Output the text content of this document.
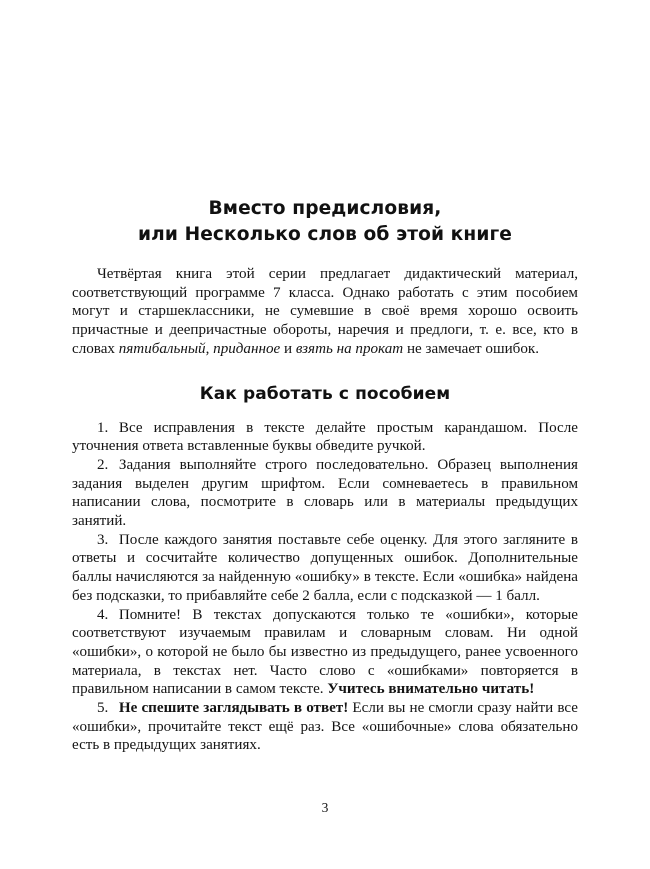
Вместо предисловия,
или Несколько слов об этой книге

Четвёртая книга этой серии предлагает дидактический материал, соответствующий программе 7 класса. Однако работать с этим пособием могут и старшеклассники, не сумевшие в своё время хорошо освоить причастные и деепричастные обороты, наречия и предлоги, т. е. все, кто в словах пятибальный, приданное и взять на прокат не замечает ошибок.

Как работать с пособием

1.  Все исправления в тексте делайте простым карандашом. После уточнения ответа вставленные буквы обведите ручкой.

2.  Задания выполняйте строго последовательно. Образец выполнения задания выделен другим шрифтом. Если сомневаетесь в правильном написании слова, посмотрите в словарь или в материалы предыдущих занятий.

3.  После каждого занятия поставьте себе оценку. Для этого загляните в ответы и сосчитайте количество допущенных ошибок. Дополнительные баллы начисляются за найденную «ошибку» в тексте. Если «ошибка» найдена без подсказки, то прибавляйте себе 2 балла, если с подсказкой — 1 балл.

4.  Помните! В текстах допускаются только те «ошибки», которые соответствуют изучаемым правилам и словарным словам. Ни одной «ошибки», о которой не было бы известно из предыдущего, ранее усвоенного материала, в текстах нет. Часто слово с «ошибками» повторяется в правильном написании в самом тексте. Учитесь внимательно читать!

5.  Не спешите заглядывать в ответ! Если вы не смогли сразу найти все «ошибки», прочитайте текст ещё раз. Все «ошибочные» слова обязательно есть в предыдущих занятиях.

3
